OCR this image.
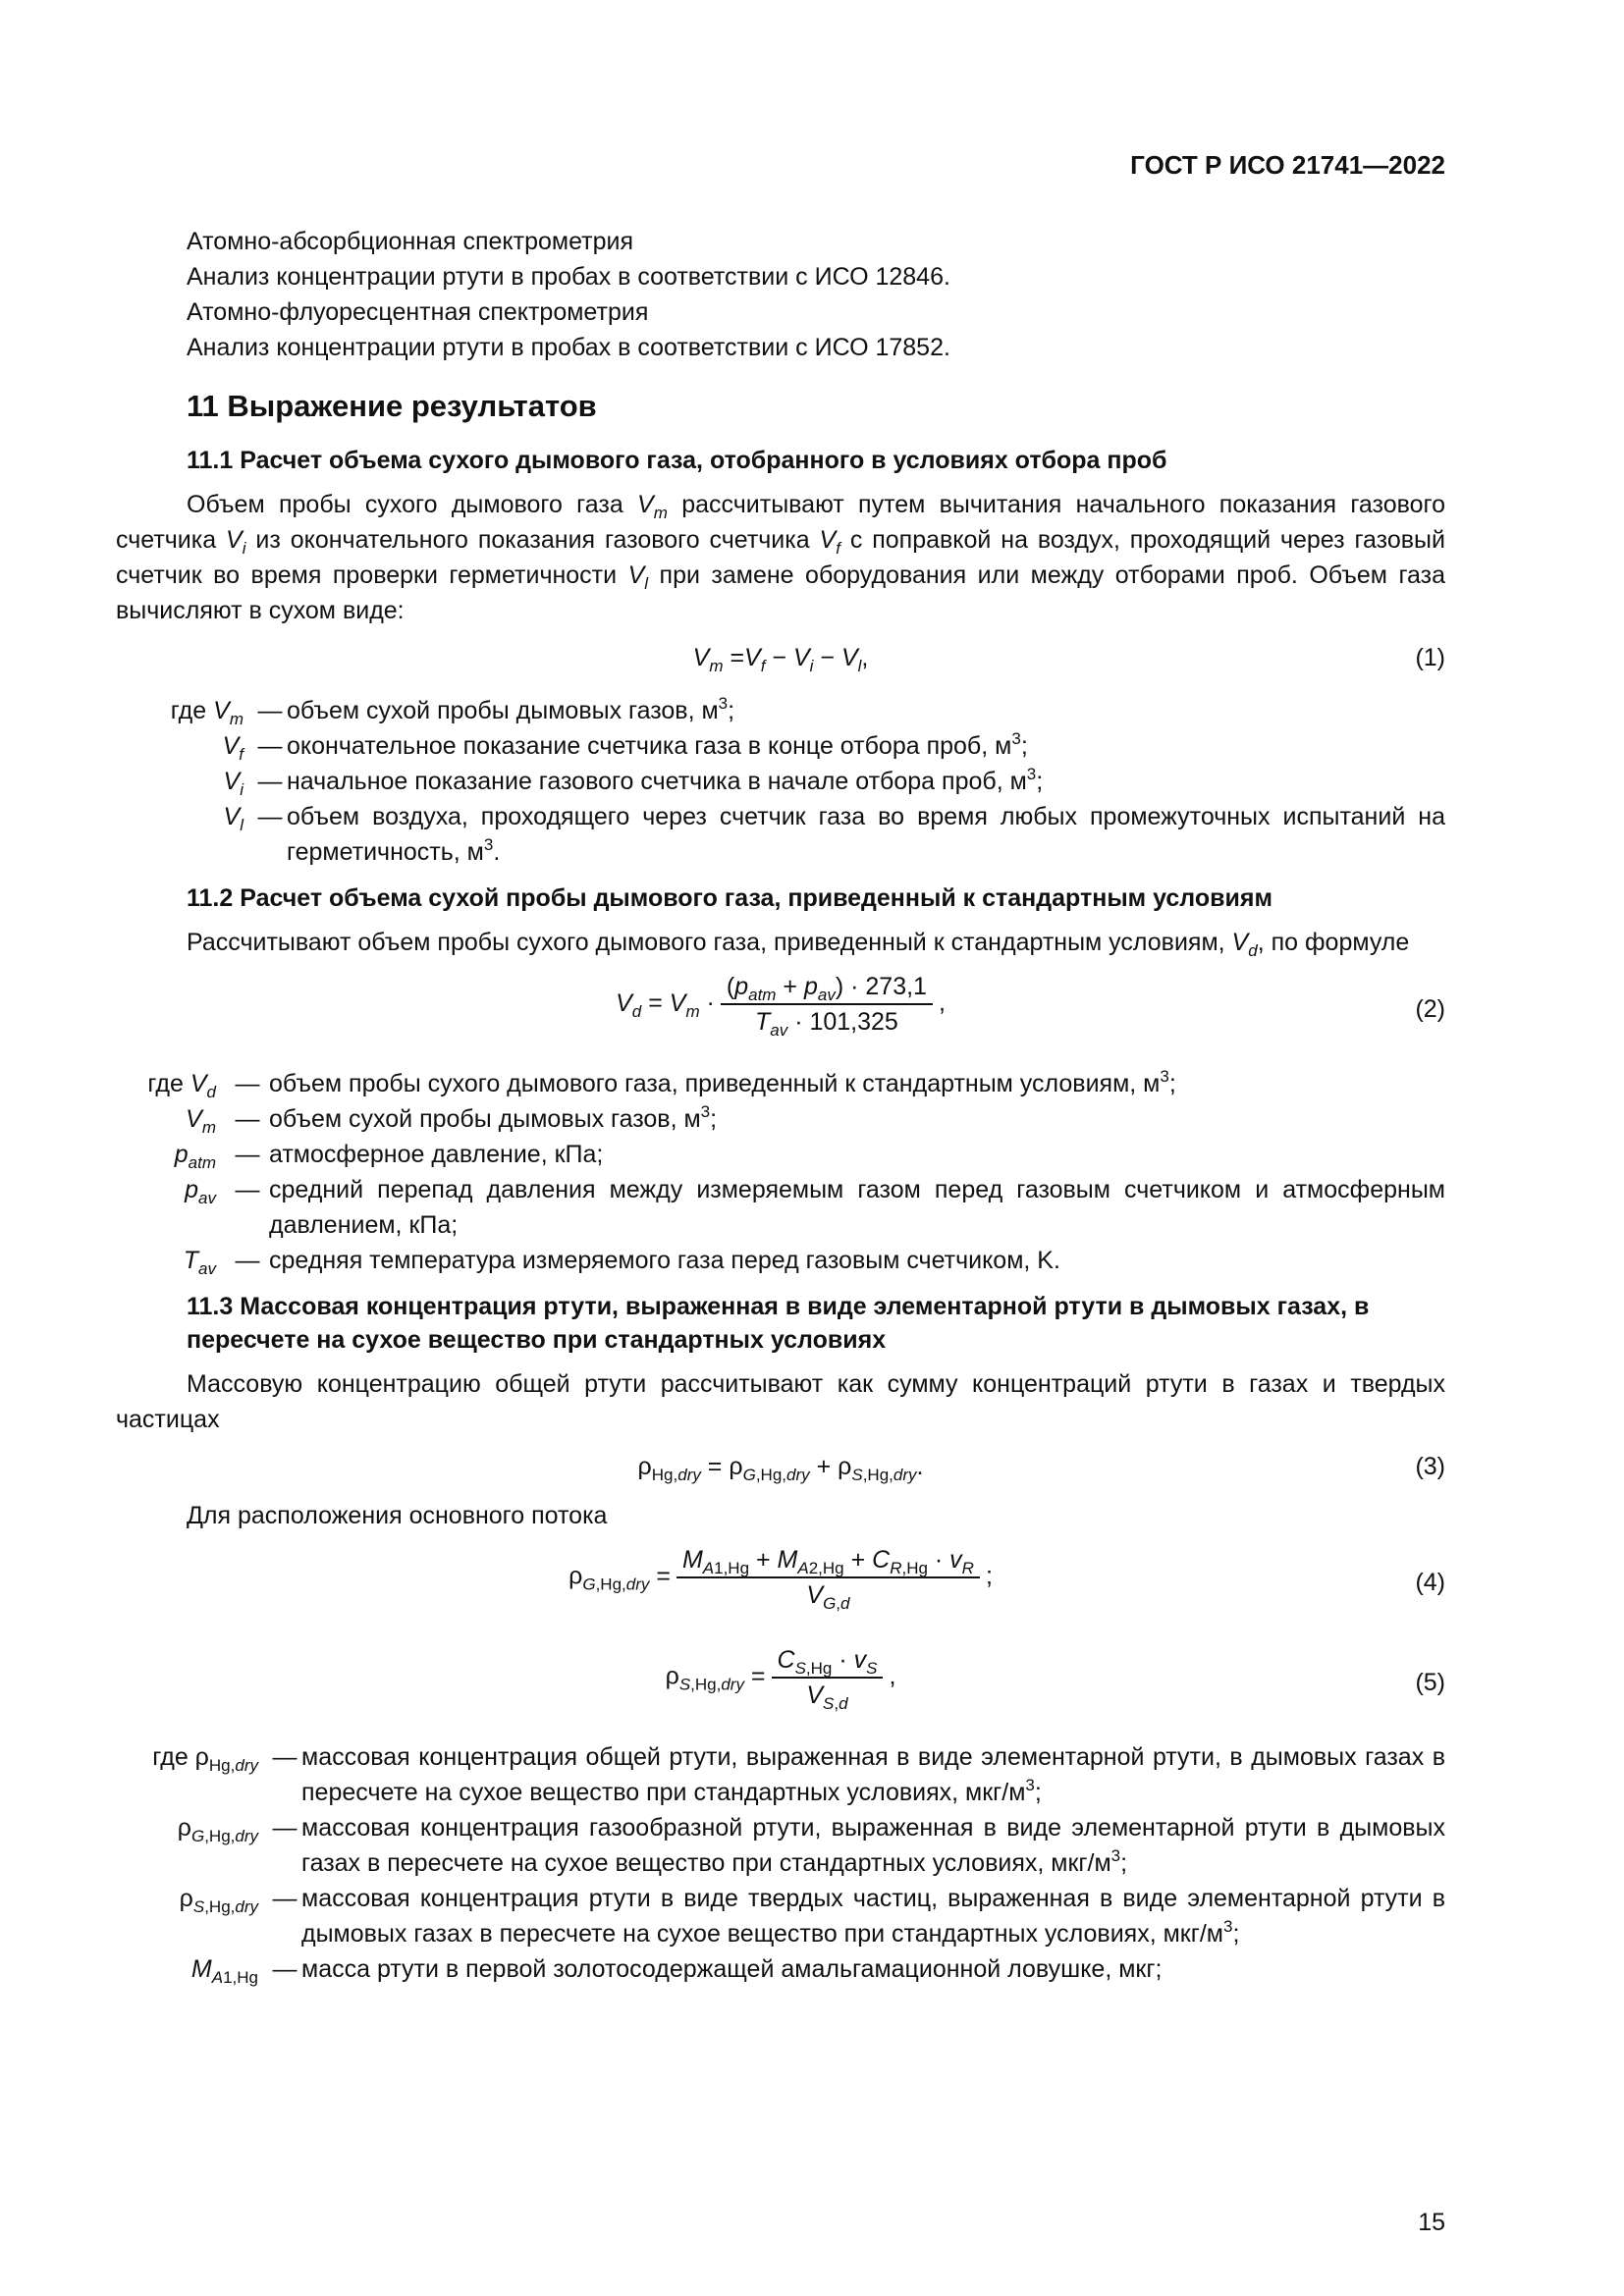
ГОСТ Р ИСО 21741—2022

Атомно-абсорбционная спектрометрия

Анализ концентрации ртути в пробах в соответствии с ИСО 12846.

Атомно-флуоресцентная спектрометрия

Анализ концентрации ртути в пробах в соответствии с ИСО 17852.

11 Выражение результатов
11.1 Расчет объема сухого дымового газа, отобранного в условиях отбора проб

Объем пробы сухого дымового газа $V_m$ рассчитывают путем вычитания начального показания газового счетчика $V_i$ из окончательного показания газового счетчика $V_f$ с поправкой на воздух, проходящий через газовый счетчик во время проверки герметичности $V_l$ при замене оборудования или между отборами проб. Объем газа вычисляют в сухом виде:

$V_m =V_f - V_i - V_l$,	(1)
где $V_m$ — объем сухой пробы дымовых газов, $м^3$;
$V_f$ — окончательное показание счетчика газа в конце отбора проб, $м^3$;
$V_i$ — начальное показание газового счетчика в начале отбора проб, $м^3$;
$V_l$ — объем воздуха, проходящего через счетчик газа во время любых промежуточных испытаний на герметичность, $м^3$.
11.2 Расчет объема сухой пробы дымового газа, приведенный к стандартным условиям

Рассчитывают объем пробы сухого дымового газа, приведенный к стандартным условиям, $V_d$, по формуле

$V_d = V_m \cdot \frac{(p_{atm} + p_{av}) \cdot 273,1}{T_{av} \cdot 101,325}$ ,	(2)
где $V_d$ — объем пробы сухого дымового газа, приведенный к стандартным условиям, $м^3$;
$V_m$ — объем сухой пробы дымовых газов, $м^3$;
$p_{atm}$ — атмосферное давление, кПа;
$p_{av}$ — средний перепад давления между измеряемым газом перед газовым счетчиком и атмосферным давлением, кПа;
$T_{av}$ — средняя температура измеряемого газа перед газовым счетчиком, K.
11.3 Массовая концентрация ртути, выраженная в виде элементарной ртути в дымовых газах, в пересчете на сухое вещество при стандартных условиях

Массовую концентрацию общей ртути рассчитывают как сумму концентраций ртути в газах и твердых частицах

$\rho_{Hg,dry} = \rho_{G,Hg,dry} + \rho_{S,Hg,dry}$.	(3)

Для расположения основного потока

$\rho_{G,Hg,dry} = \frac{M_{A1,Hg} + M_{A2,Hg} + C_{R,Hg} \cdot v_R}{V_{G,d}}$ ;	(4)
$\rho_{S,Hg,dry} = \frac{C_{S,Hg} \cdot v_S}{V_{S,d}}$ ,	(5)
где $\rho_{Hg,dry}$ — массовая концентрация общей ртути, выраженная в виде элементарной ртути, в дымовых газах в пересчете на сухое вещество при стандартных условиях, мкг/$м^3$;
$\rho_{G,Hg,dry}$ — массовая концентрация газообразной ртути, выраженная в виде элементарной ртути в дымовых газах в пересчете на сухое вещество при стандартных условиях, мкг/$м^3$;
$\rho_{S,Hg,dry}$ — массовая концентрация ртути в виде твердых частиц, выраженная в виде элементарной ртути в дымовых газах в пересчете на сухое вещество при стандартных условиях, мкг/$м^3$;
$M_{A1,Hg}$ — масса ртути в первой золотосодержащей амальгамационной ловушке, мкг;
15
